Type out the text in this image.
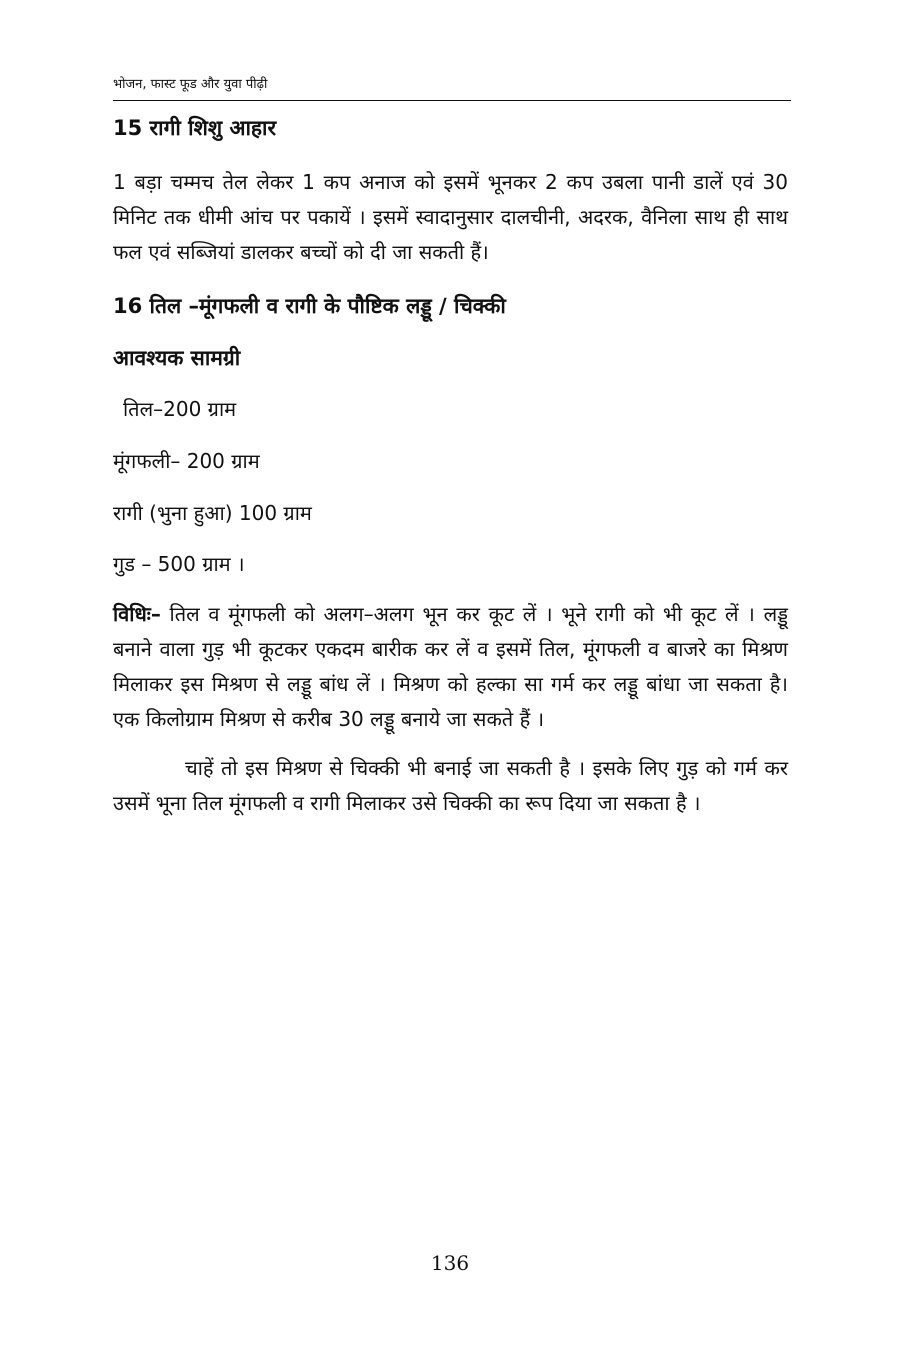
भोजन, फास्ट फूड और युवा पीढ़ी

15 रागी शिशु आहार

1 बड़ा चम्मच तेल लेकर 1 कप अनाज को इसमें भूनकर 2 कप उबला पानी डालें एवं 30 मिनिट तक धीमी आंच पर पकायें । इसमें स्वादानुसार दालचीनी, अदरक, वैनिला साथ ही साथ फल एवं सब्जियां डालकर बच्चों को दी जा सकती हैं।

16 तिल –मूंगफली व रागी के पौष्टिक लड्डू ∕ चिक्की

आवश्यक सामग्री

तिल–200 ग्राम

मूंगफली– 200 ग्राम

रागी (भुना हुआ) 100 ग्राम

गुड – 500 ग्राम ।

विधिः– तिल व मूंगफली को अलग–अलग भून कर कूट लें । भूने रागी को भी कूट लें । लड्डू बनाने वाला गुड़ भी कूटकर एकदम बारीक कर लें व इसमें तिल, मूंगफली व बाजरे का मिश्रण मिलाकर इस मिश्रण से लड्डू बांध लें । मिश्रण को हल्का सा गर्म कर लड्डू बांधा जा सकता है। एक किलोग्राम मिश्रण से करीब 30 लड्डू बनाये जा सकते हैं ।

चाहें तो इस मिश्रण से चिक्की भी बनाई जा सकती है । इसके लिए गुड़ को गर्म कर उसमें भूना तिल मूंगफली व रागी मिलाकर उसे चिक्की का रूप दिया जा सकता है ।

136
